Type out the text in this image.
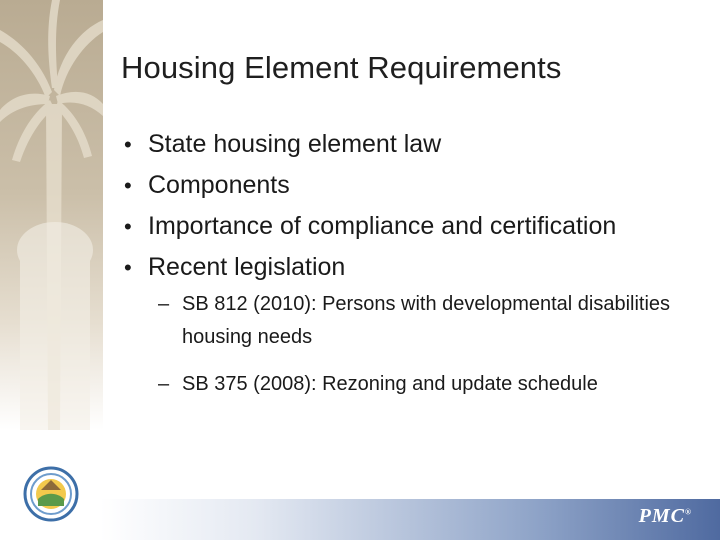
Housing Element Requirements
• State housing element law
• Components
• Importance of compliance and certification
• Recent legislation
– SB 812 (2010): Persons with developmental disabilities housing needs
– SB 375 (2008): Rezoning and update schedule
PMC®
